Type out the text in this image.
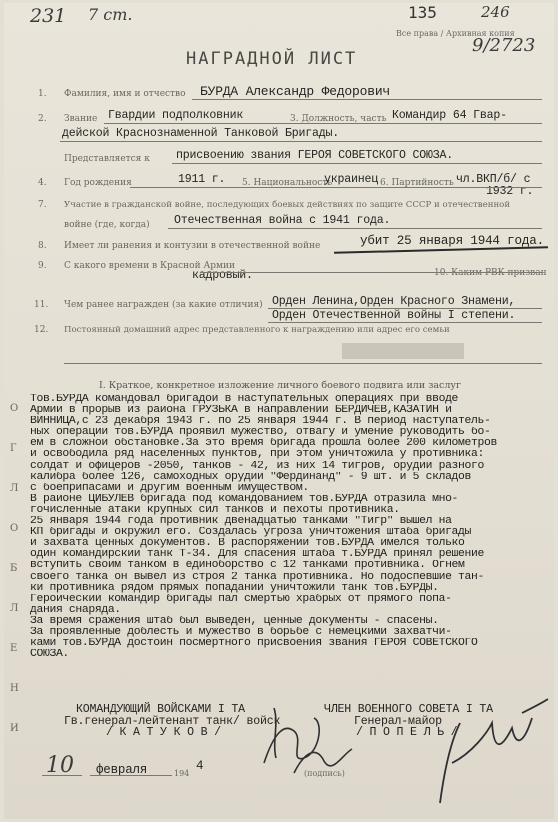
231 7 ст.	135	246
Все права / Архивная копия
9/2723
НАГРАДНОЙ ЛИСТ
1. Фамилия, имя и отчество БУРДА Александр Федорович
2. Звание Гвардии подполковник	3. Должность, часть Командир 64 Гвар-
дейской Краснознаменной Танковой Бригады.
Представляется к присвоению звания ГЕРОЯ СОВЕТСКОГО СОЮЗА.
4. Год рождения	1911 г. 5. Национальность
украинец 6. Партийность чл.ВКП/б/ с
1932 г.
7. Участие в гражданской войне, последующих боевых действиях по защите СССР и отечественной
войне (где, когда) Отечественная война с 1941 года.
8. Имеет ли ранения и контузии в отечественной войне	убит 25 января 1944 года.
9. С какого времени в Красной Армии
кадровый.	10. Каким РВК призван
11. Чем ранее награжден (за какие отличия) Орден Ленина,Орден Красного Знамени,
Орден Отечественной войны I степени.
12. Постоянный домашний адрес представленного к награждению или адрес его семьи
I. Краткое, конкретное изложение личного боевого подвига или заслуг
Тов.БУРДА командовал бригадой в наступательных операциях при вводе
Армии в прорыв из района ГРУЗЬКА в направлении БЕРДИЧЕВ,КАЗАТИН и
ВИННИЦА,с 23 декабря 1943 г. по 25 января 1944 г. В период наступатель-
ных операций тов.БУРДА проявил мужество, отвагу и умение руководить бо-
ем в сложной обстановке.За это время бригада прошла более 200 километров
и освободила ряд населенных пунктов, при этом уничтожила у противника:
солдат и офицеров -2050, танков - 42, из них 14 тигров, орудий разного
калибра более 126, самоходных орудий "Фердинанд" - 9 шт. и 5 складов
с боеприпасами и другим военным имуществом.
В районе ЦИБУЛЕВ бригада под командованием тов.БУРДА отразила мно-
гочисленные атаки крупных сил танков и пехоты противника.
25 января 1944 года противник двенадцатью танками "Тигр" вышел на
КП бригады и окружил его. Создалась угроза уничтожения штаба бригады
и захвата ценных документов. В распоряжении тов.БУРДА имелся только
один командирский танк Т-34. Для спасения штаба т.БУРДА принял решение
вступить своим танком в единоборство с 12 танками противника. Огнем
своего танка он вывел из строя 2 танка противника. Но подоспевшие тан-
ки противника рядом прямых попаданий уничтожили танк тов.БУРДЫ.
Героический командир бригады пал смертью храбрых от прямого попа-
дания снаряда.
За время сражения штаб был выведен, ценные документы - спасены.
За проявленные доблесть и мужество в борьбе с немецкими захватчи-
ками тов.БУРДА достоин посмертного присвоения звания ГЕРОЯ СОВЕТСКОГО
СОЮЗА.
О
Г
Л
О
Б
Л
Е
Н
И
КОМАНДУЮЩИЙ ВОЙСКАМИ I ТА
Гв.генерал-лейтенант танк/ войск
/ К А Т У К О В /
ЧЛЕН ВОЕННОГО СОВЕТА I ТА
Генерал-майор
/ П О П Е Л Ь /
10 февраля	194
4
(подпись)
